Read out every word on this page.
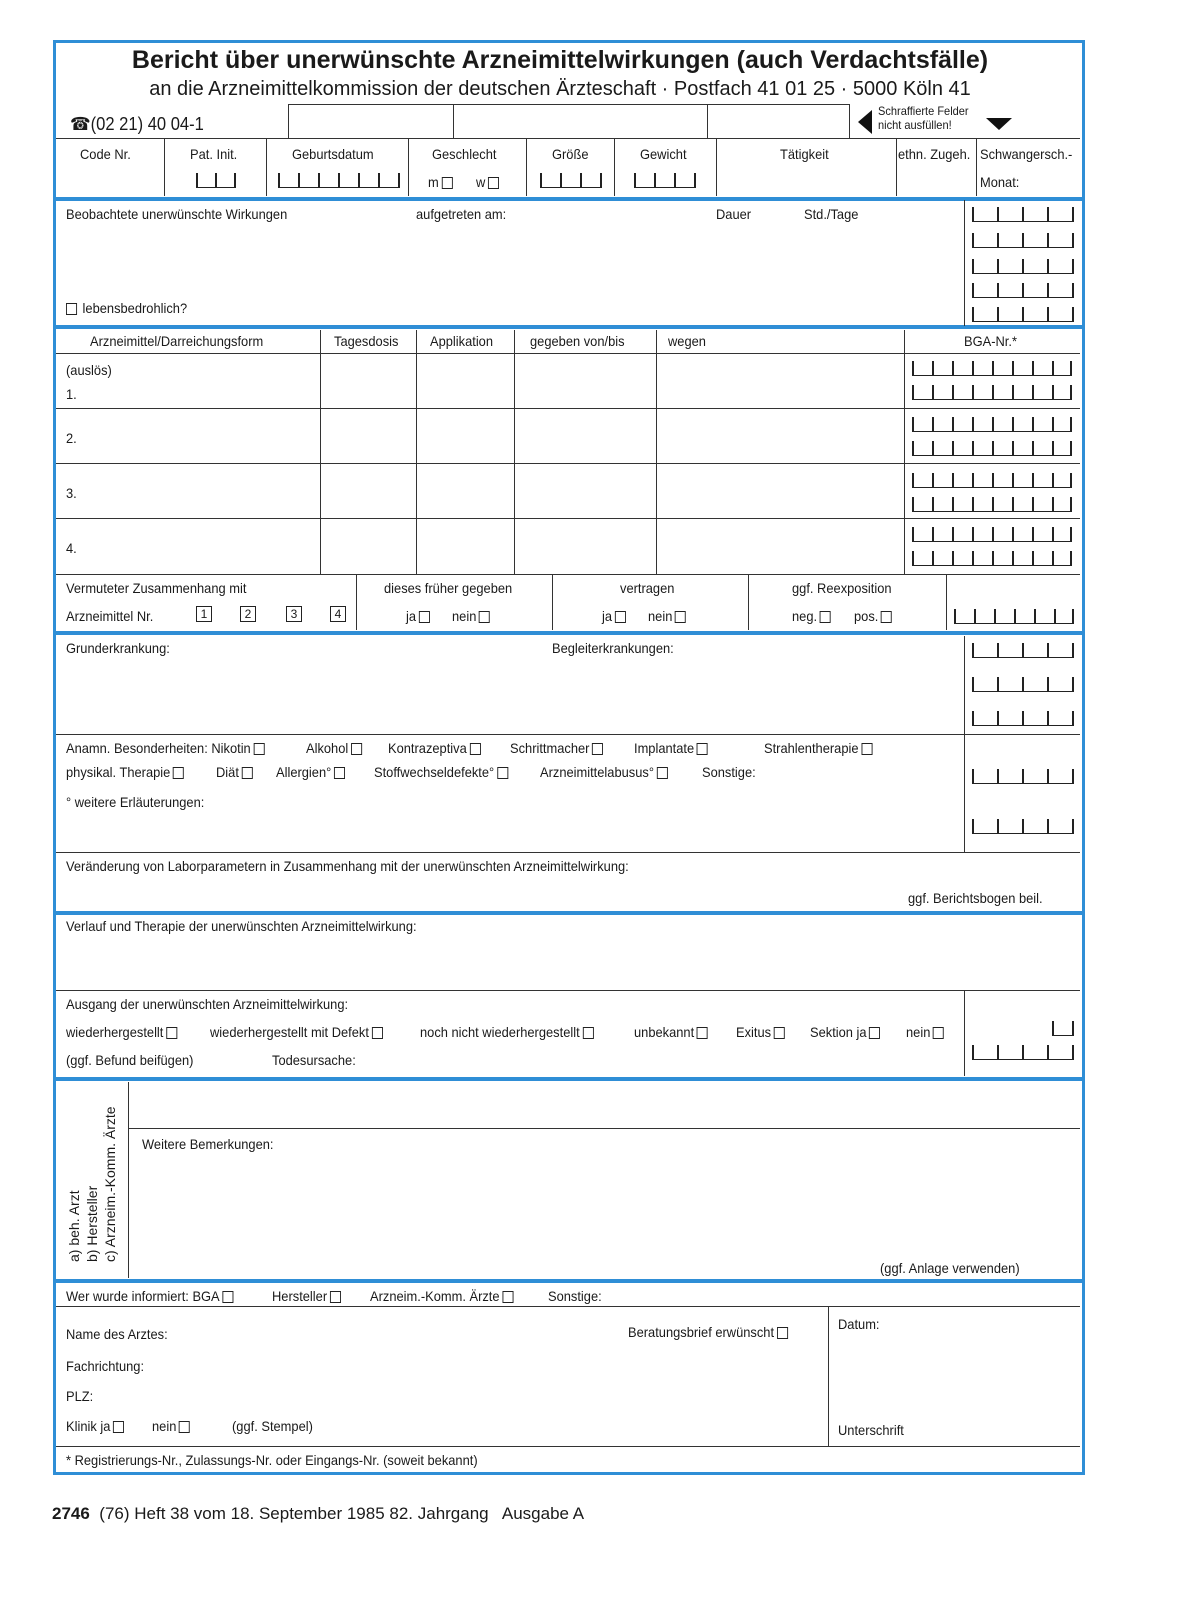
Bericht über unerwünschte Arzneimittelwirkungen (auch Verdachtsfälle)
an die Arzneimittelkommission der deutschen Ärzteschaft · Postfach 41 01 25 · 5000 Köln 41
☎(02 21) 40 04-1
Schraffierte Felder
nicht ausfüllen!
Code Nr.	Pat. Init.	Geburtsdatum	Geschlecht
m	w
Größe	Gewicht	Tätigkeit	ethn. Zugeh. Schwangersch.-
Monat:
Beobachtete unerwünschte Wirkungen	aufgetreten am:	Dauer	Std./Tage
lebensbedrohlich?
Arzneimittel/Darreichungsform	Tagesdosis Applikation	gegeben von/bis	wegen	BGA-Nr.*
(auslös)
1.
2.
3.
4.
Vermuteter Zusammenhang mit
Arzneimittel Nr.	1	2	3	4
dieses früher gegeben
ja	nein
vertragen
ja	nein
ggf. Reexposition
neg.	pos.
Grunderkrankung:	Begleiterkrankungen:
Anamn. Besonderheiten: Nikotin	Alkohol	Kontrazeptiva	Schrittmacher	Implantate	Strahlentherapie
physikal. Therapie	Diät	Allergien°	Stoffwechseldefekte°	Arzneimittelabusus°	Sonstige:
° weitere Erläuterungen:
Veränderung von Laborparametern in Zusammenhang mit der unerwünschten Arzneimittelwirkung:
ggf. Berichtsbogen beil.
Verlauf und Therapie der unerwünschten Arzneimittelwirkung:
Ausgang der unerwünschten Arzneimittelwirkung:
wiederhergestellt	wiederhergestellt mit Defekt	noch nicht wiederhergestellt	unbekannt	Exitus	Sektion ja	nein
(ggf. Befund beifügen)	Todesursache:
a) beh. Arzt b) Hersteller c) Arzneim.-Komm. Ärzte Weitere Bemerkungen:
(ggf. Anlage verwenden)
Wer wurde informiert: BGA	Hersteller	Arzneim.-Komm. Ärzte	Sonstige:
Name des Arztes:	Beratungsbrief erwünscht	Datum:
Fachrichtung:
PLZ:
Klinik ja	nein	(ggf. Stempel)	Unterschrift
* Registrierungs-Nr., Zulassungs-Nr. oder Eingangs-Nr. (soweit bekannt)
2746 (76) Heft 38 vom 18. September 1985 82. Jahrgang   Ausgabe A
